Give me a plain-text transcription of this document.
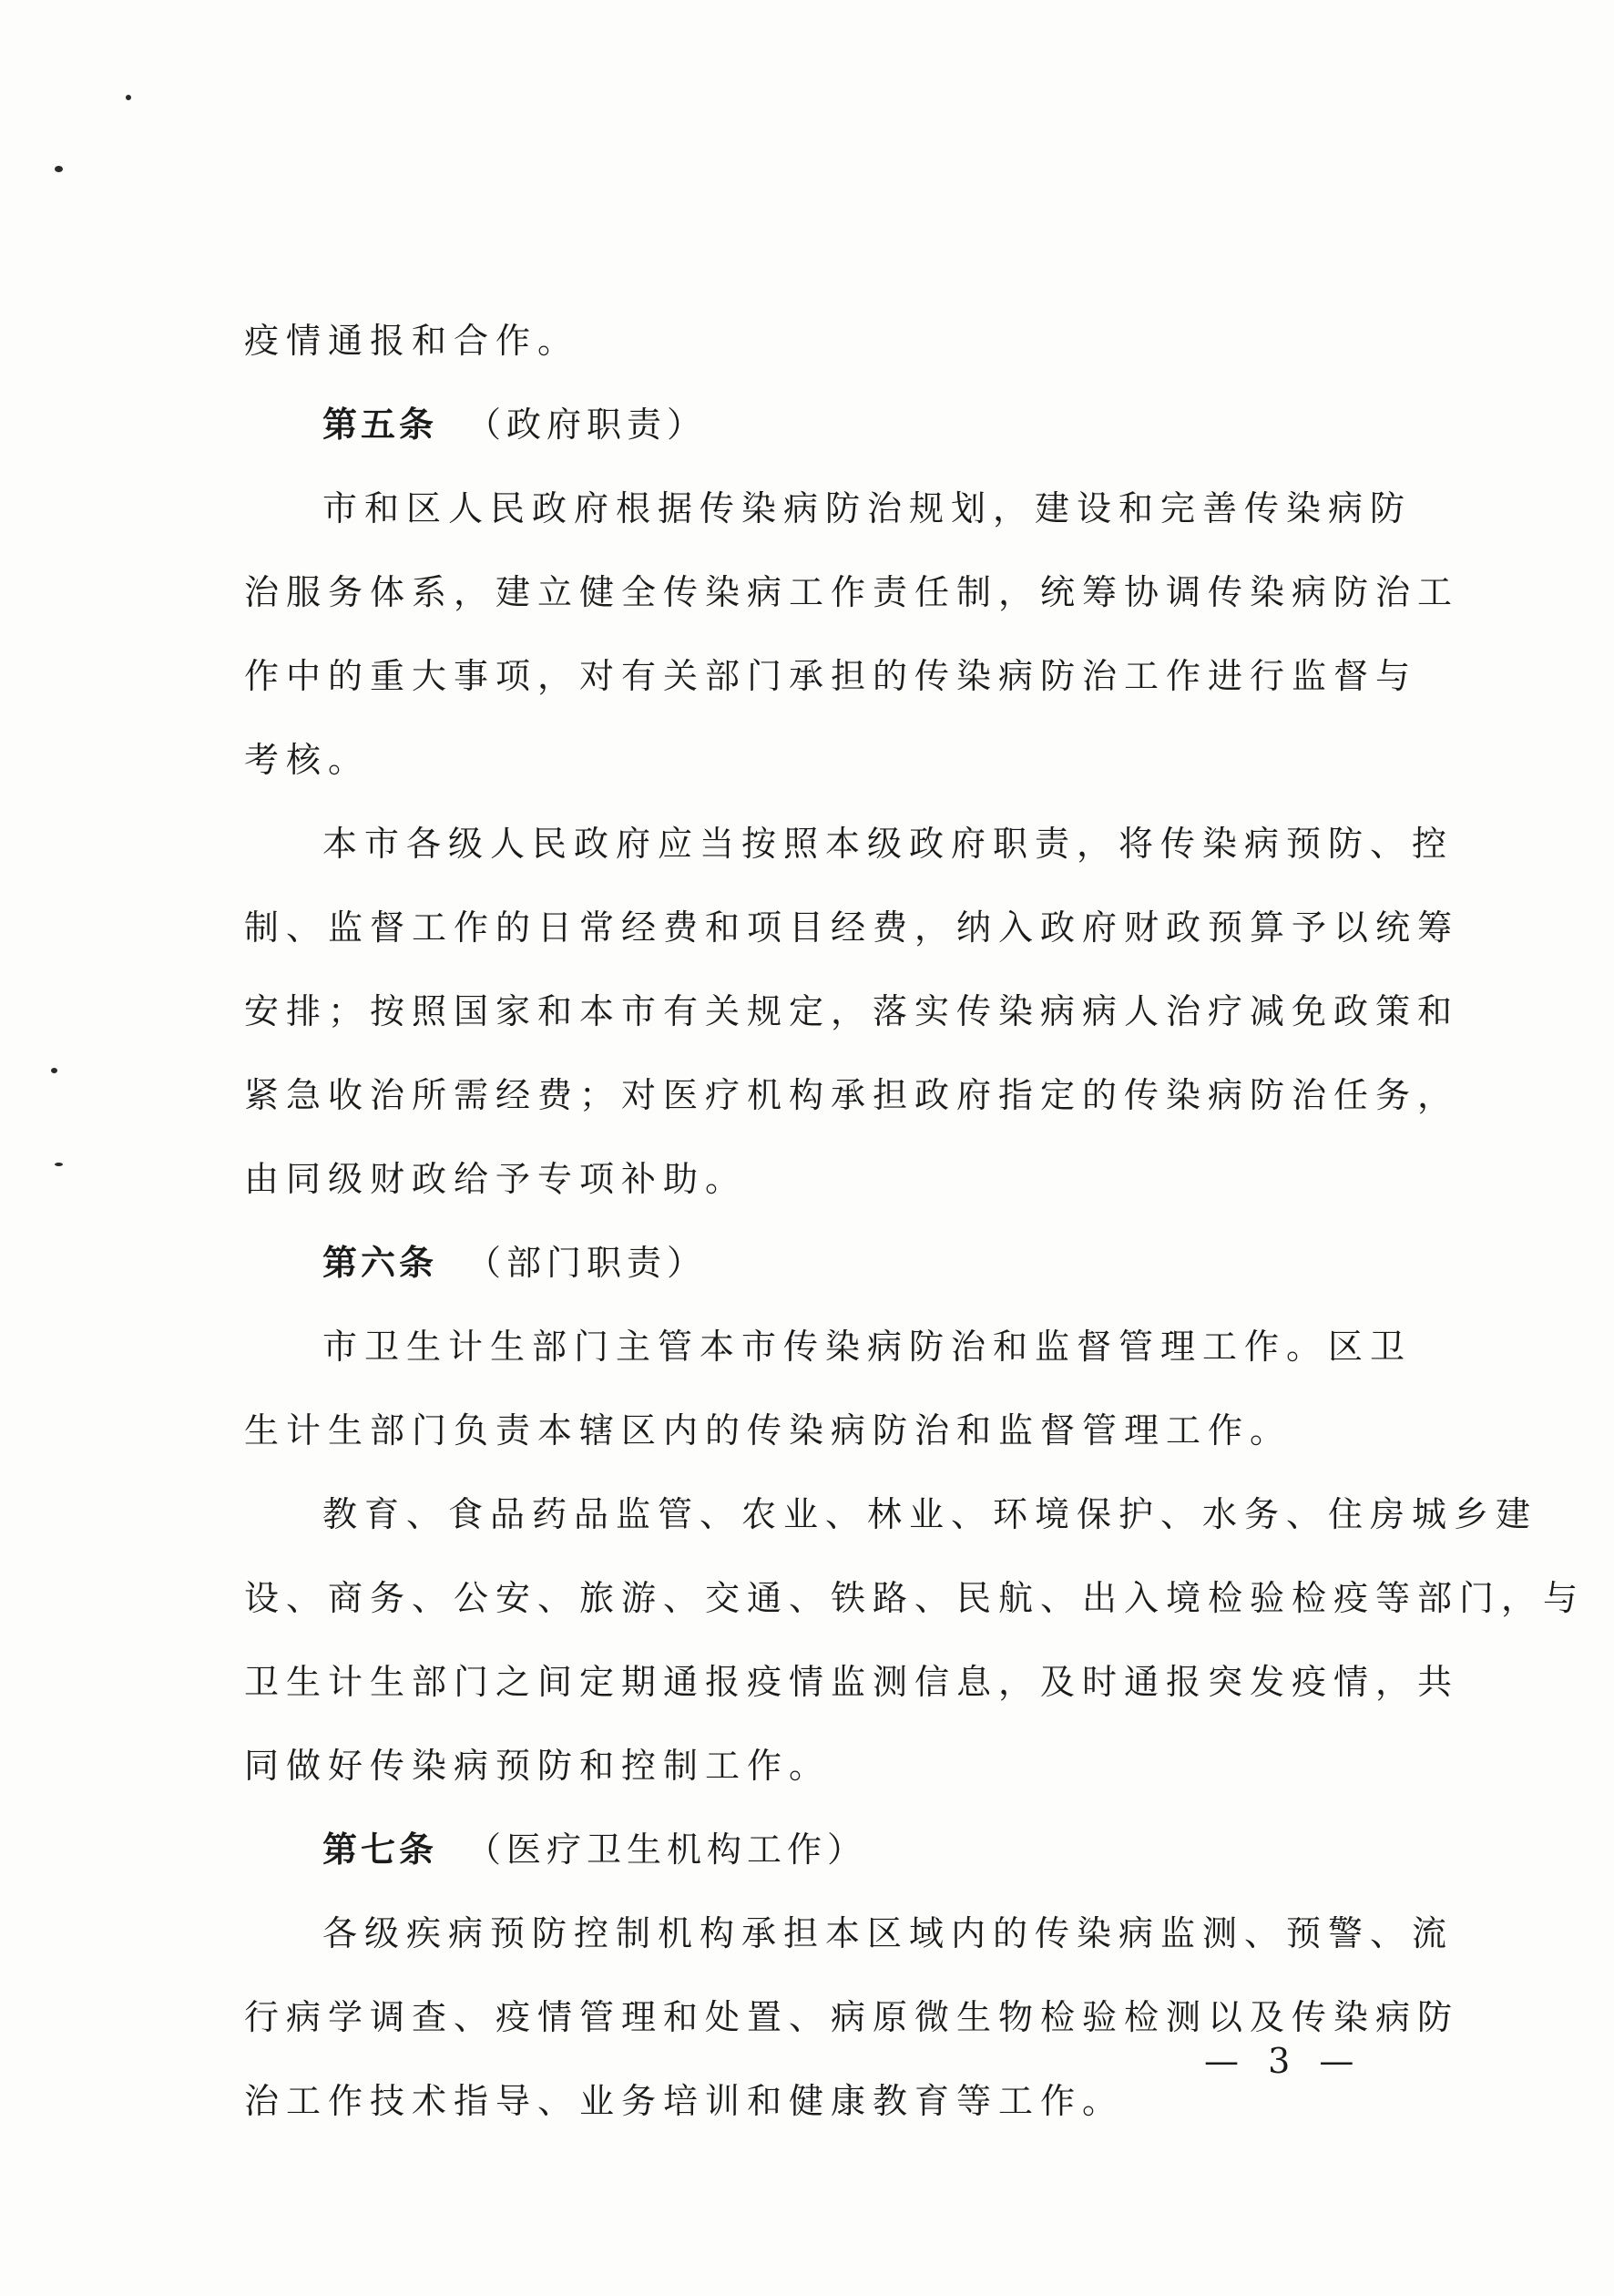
疫情通报和合作。
第五条 （政府职责）
市和区人民政府根据传染病防治规划，建设和完善传染病防
治服务体系，建立健全传染病工作责任制，统筹协调传染病防治工
作中的重大事项，对有关部门承担的传染病防治工作进行监督与
考核。
本市各级人民政府应当按照本级政府职责，将传染病预防、控
制、监督工作的日常经费和项目经费，纳入政府财政预算予以统筹
安排；按照国家和本市有关规定，落实传染病病人治疗减免政策和
紧急收治所需经费；对医疗机构承担政府指定的传染病防治任务，
由同级财政给予专项补助。
第六条 （部门职责）
市卫生计生部门主管本市传染病防治和监督管理工作。区卫
生计生部门负责本辖区内的传染病防治和监督管理工作。
教育、食品药品监管、农业、林业、环境保护、水务、住房城乡建
设、商务、公安、旅游、交通、铁路、民航、出入境检验检疫等部门，与
卫生计生部门之间定期通报疫情监测信息，及时通报突发疫情，共
同做好传染病预防和控制工作。
第七条 （医疗卫生机构工作）
各级疾病预防控制机构承担本区域内的传染病监测、预警、流
行病学调查、疫情管理和处置、病原微生物检验检测以及传染病防
治工作技术指导、业务培训和健康教育等工作。
— 3 —
